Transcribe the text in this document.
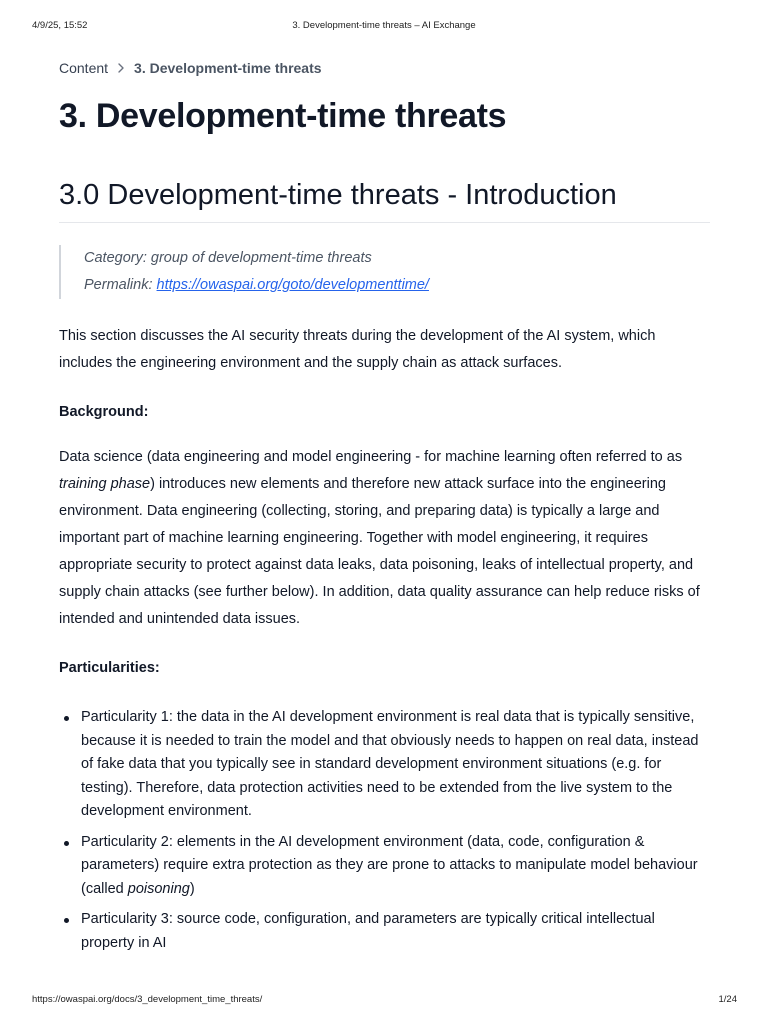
4/9/25, 15:52	3. Development-time threats – AI Exchange
Content 3. Development-time threats
3. Development-time threats
3.0 Development-time threats - Introduction
Category: group of development-time threats
Permalink: https://owaspai.org/goto/developmenttime/

This section discusses the AI security threats during the development of the AI system, which includes the engineering environment and the supply chain as attack surfaces.

Background:

Data science (data engineering and model engineering - for machine learning often referred to as training phase) introduces new elements and therefore new attack surface into the engineering environment. Data engineering (collecting, storing, and preparing data) is typically a large and important part of machine learning engineering. Together with model engineering, it requires appropriate security to protect against data leaks, data poisoning, leaks of intellectual property, and supply chain attacks (see further below). In addition, data quality assurance can help reduce risks of intended and unintended data issues.

Particularities:

Particularity 1: the data in the AI development environment is real data that is typically sensitive, because it is needed to train the model and that obviously needs to happen on real data, instead of fake data that you typically see in standard development environment situations (e.g. for testing). Therefore, data protection activities need to be extended from the live system to the development environment.
Particularity 2: elements in the AI development environment (data, code, configuration & parameters) require extra protection as they are prone to attacks to manipulate model behaviour (called poisoning)
Particularity 3: source code, configuration, and parameters are typically critical intellectual property in AI
https://owaspai.org/docs/3_development_time_threats/	1/24
